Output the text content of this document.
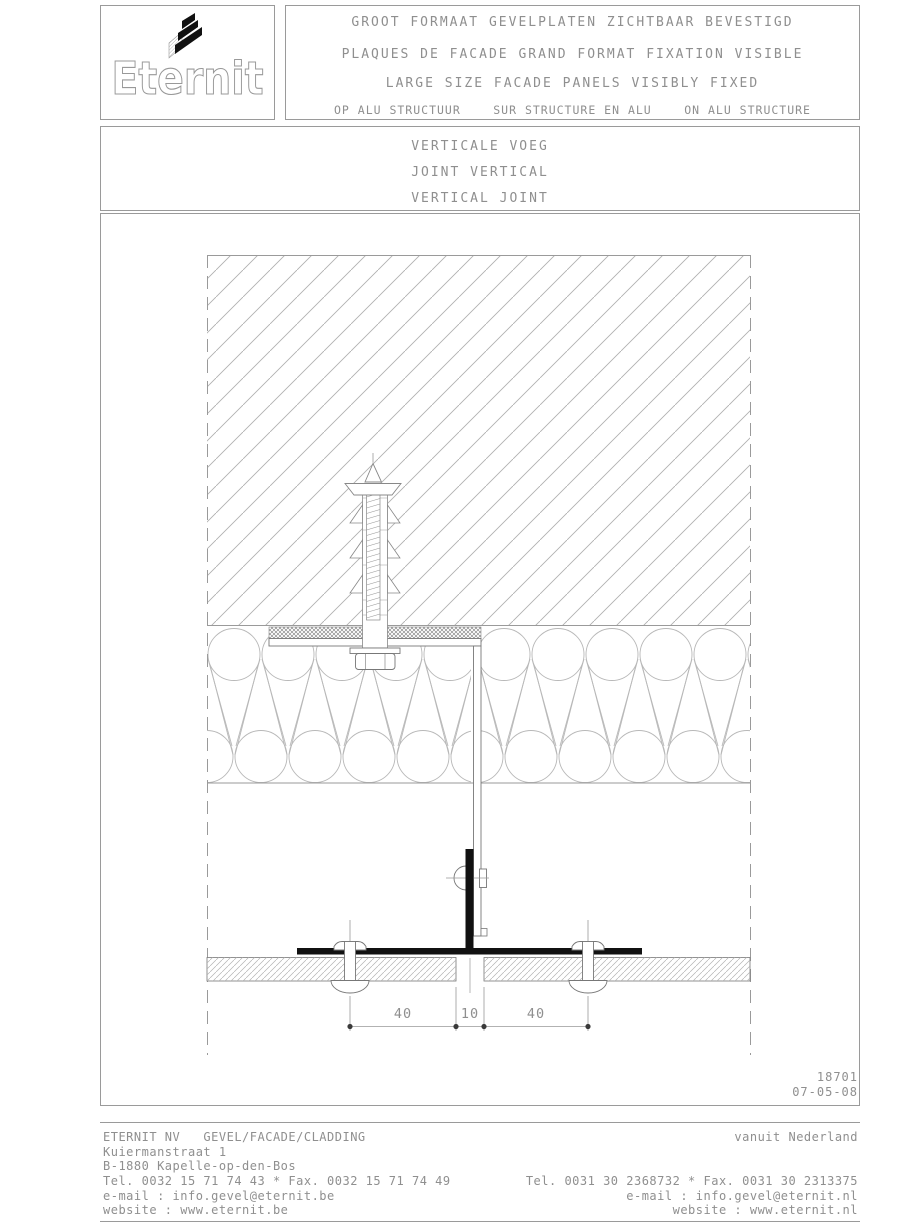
Eternit
GROOT FORMAAT GEVELPLATEN ZICHTBAAR BEVESTIGD
PLAQUES DE FACADE GRAND FORMAT FIXATION VISIBLE
LARGE SIZE FACADE PANELS VISIBLY FIXED
OP ALU STRUCTUUR	SUR STRUCTURE EN ALU	ON ALU STRUCTURE
VERTICALE VOEG
JOINT VERTICAL
VERTICAL JOINT
40	10	40
18701
07-05-08
ETERNIT NV   GEVEL/FACADE/CLADDING
Kuiermanstraat 1
B-1880 Kapelle-op-den-Bos
Tel. 0032 15 71 74 43 * Fax. 0032 15 71 74 49
e-mail : info.gevel@eternit.be
website : www.eternit.be
vanuit Nederland
Tel. 0031 30 2368732 * Fax. 0031 30 2313375
e-mail : info.gevel@eternit.nl
website : www.eternit.nl
